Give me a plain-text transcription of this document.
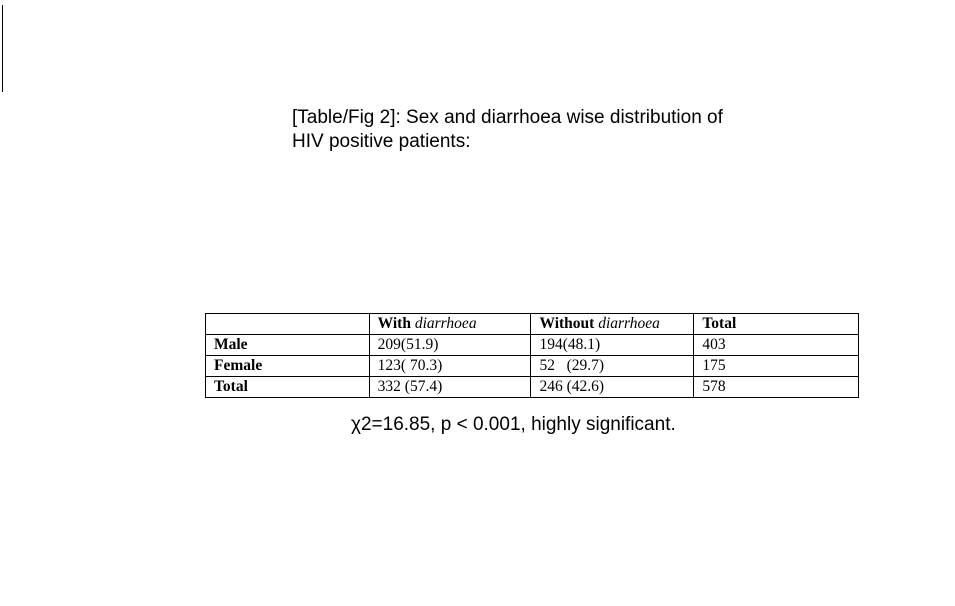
[Table/Fig 2]: Sex and diarrhoea wise distribution of
HIV positive patients:
	With diarrhoea	Without diarrhoea	Total
Male	209(51.9)	194(48.1)	403
Female	123( 70.3)	52   (29.7)	175
Total	332 (57.4)	246 (42.6)	578
χ2=16.85, p < 0.001, highly significant.
